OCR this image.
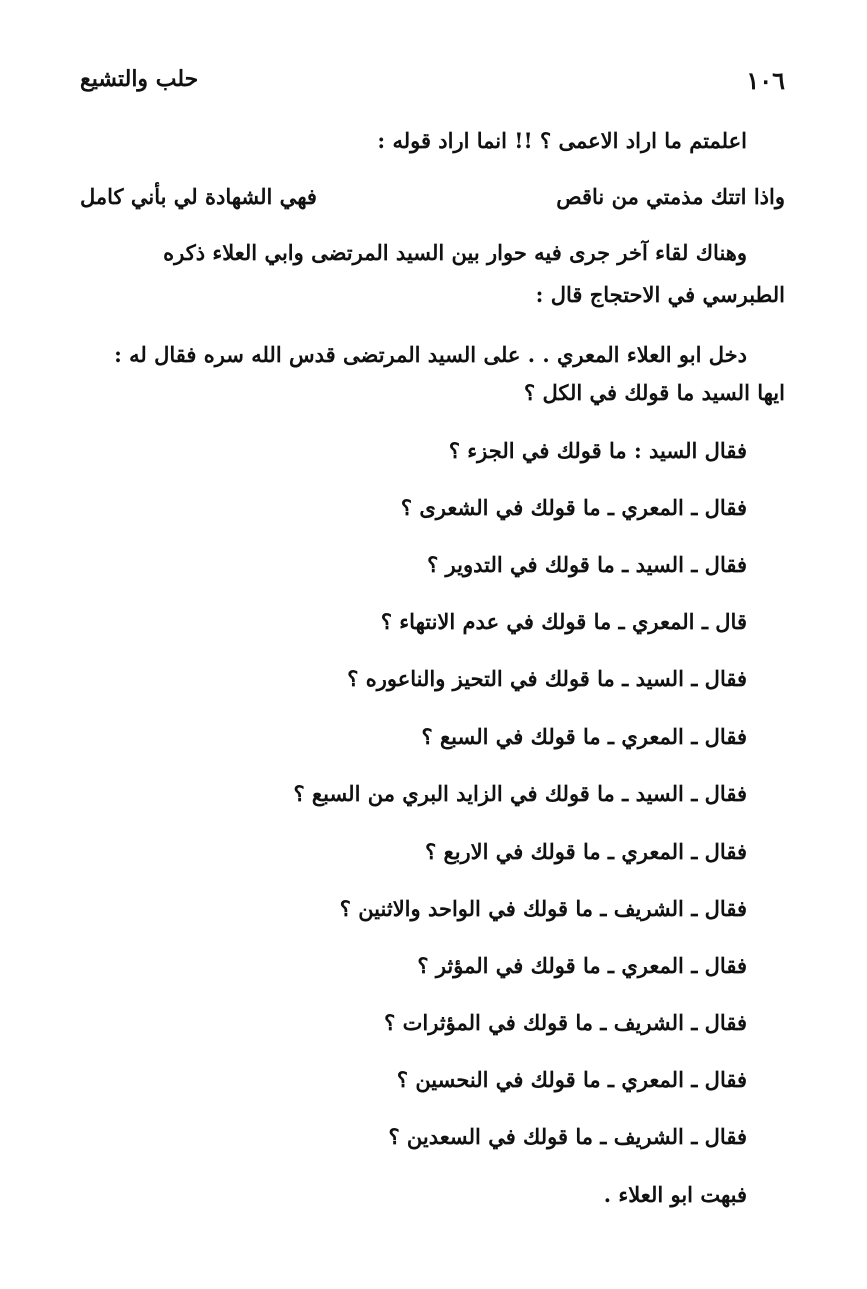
١٠٦
حلب والتشيع
اعلمتم ما اراد الاعمى ؟ !! انما اراد قوله :
واذا اتتك مذمتي من ناقص
فهي الشهادة لي بأني كامل
وهناك لقاء آخر جرى فيه حوار بين السيد المرتضى وابي العلاء ذكره
الطبرسي في الاحتجاج قال :
دخل ابو العلاء المعري . . على السيد المرتضى قدس الله سره فقال له :
ايها السيد ما قولك في الكل ؟
فقال السيد : ما قولك في الجزء ؟
فقال ـ المعري ـ ما قولك في الشعرى ؟
فقال ـ السيد ـ ما قولك في التدوير ؟
قال ـ المعري ـ ما قولك في عدم الانتهاء ؟
فقال ـ السيد ـ ما قولك في التحيز والناعوره ؟
فقال ـ المعري ـ ما قولك في السبع ؟
فقال ـ السيد ـ ما قولك في الزايد البري من السبع ؟
فقال ـ المعري ـ ما قولك في الاربع ؟
فقال ـ الشريف ـ ما قولك في الواحد والاثنين ؟
فقال ـ المعري ـ ما قولك في المؤثر ؟
فقال ـ الشريف ـ ما قولك في المؤثرات ؟
فقال ـ المعري ـ ما قولك في النحسين ؟
فقال ـ الشريف ـ ما قولك في السعدين ؟
فبهت ابو العلاء .
